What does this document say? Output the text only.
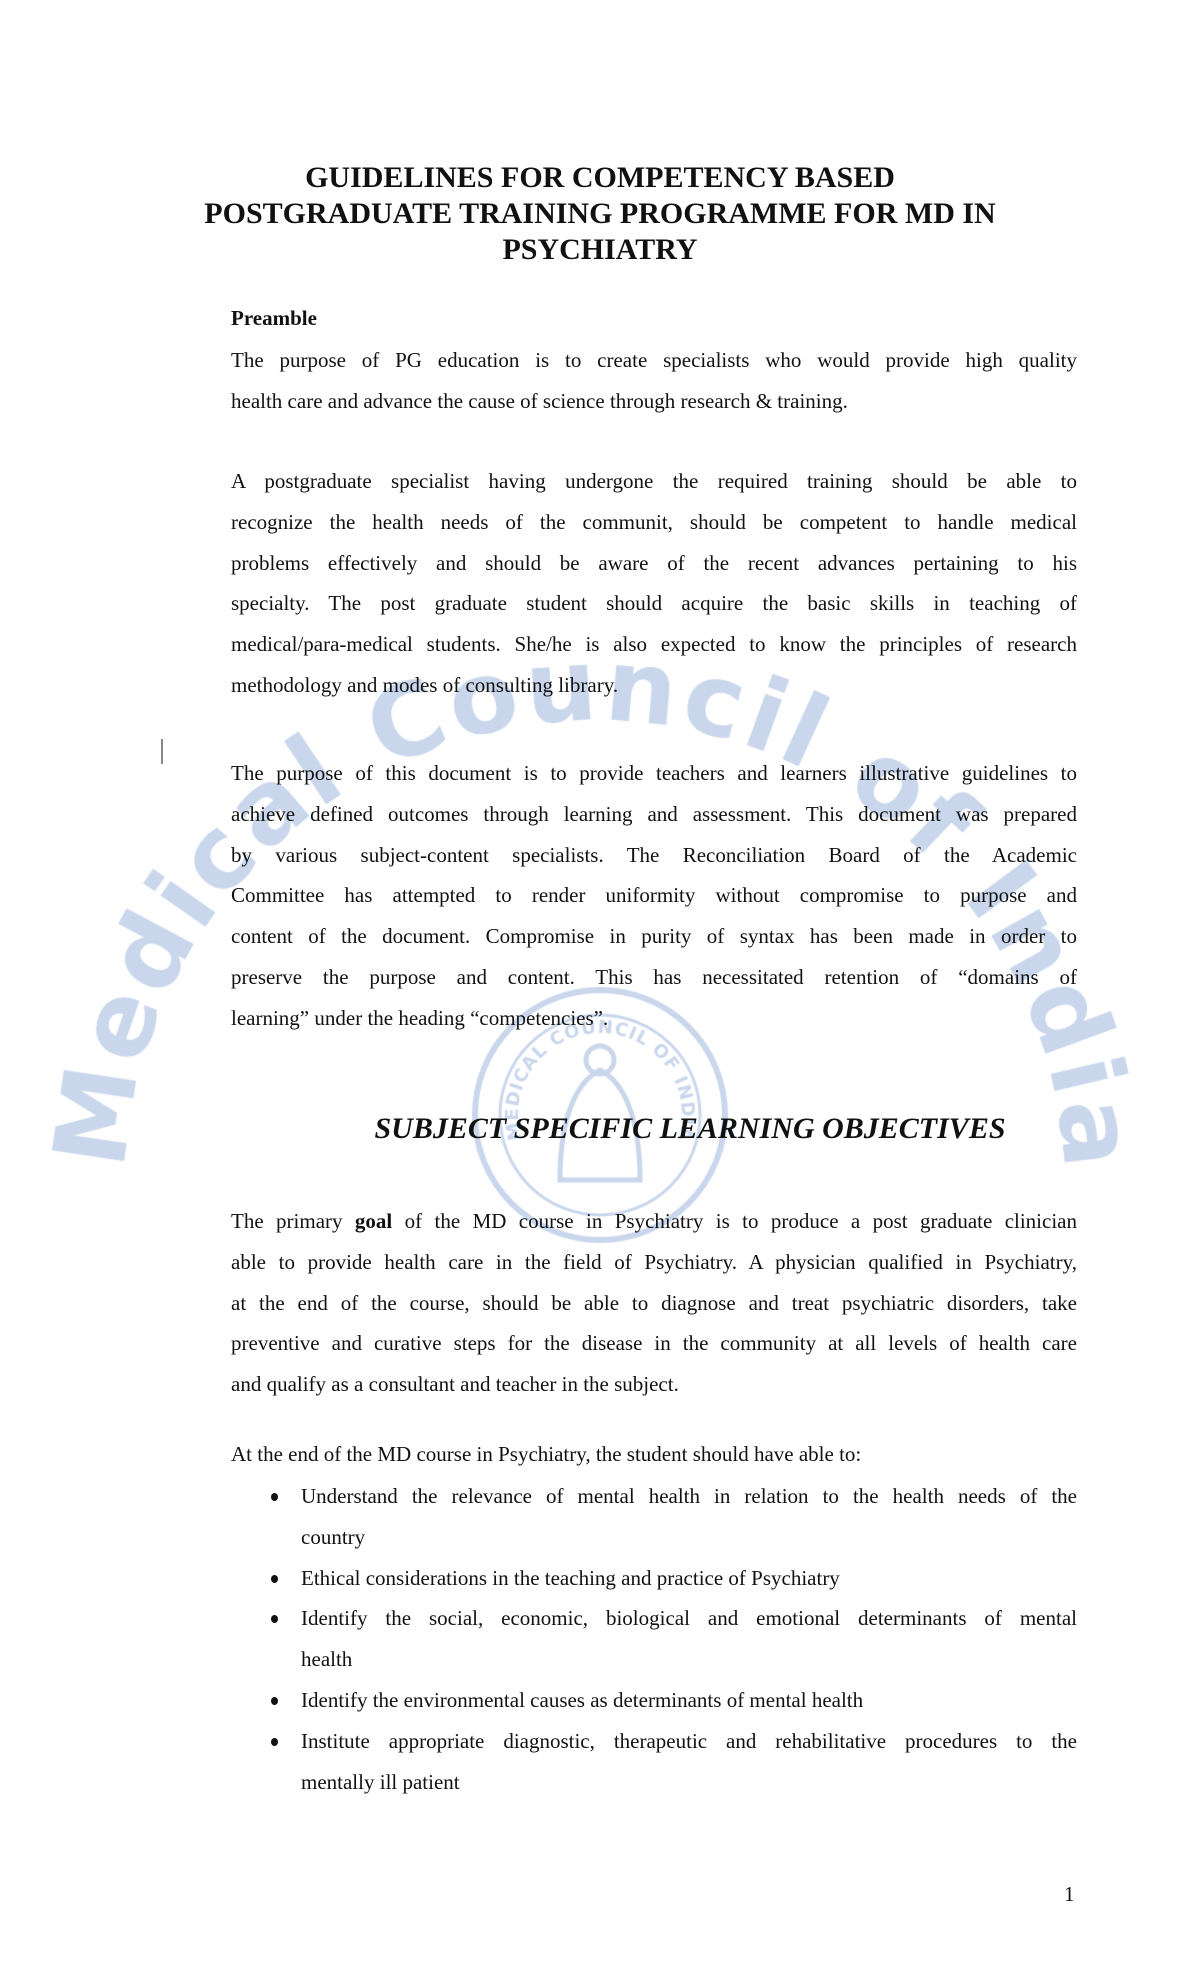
GUIDELINES FOR COMPETENCY BASED
POSTGRADUATE TRAINING PROGRAMME FOR MD IN
PSYCHIATRY
Preamble
The purpose of PG education is to create specialists who would provide high quality
health care and advance the cause of science through research & training.
A postgraduate specialist having undergone the required training should be able to
recognize the health needs of the communit, should be competent to handle medical
problems effectively and should be aware of the recent advances pertaining to his
specialty. The post graduate student should acquire the basic skills in teaching of
medical/para-medical students. She/he is also expected to know the principles of research
methodology and modes of consulting library.
The purpose of this document is to provide teachers and learners illustrative guidelines to
achieve defined outcomes through learning and assessment. This document was prepared
by various subject-content specialists. The Reconciliation Board of the Academic
Committee has attempted to render uniformity without compromise to purpose and
content of the document. Compromise in purity of syntax has been made in order to
preserve the purpose and content. This has necessitated retention of “domains of
learning” under the heading “competencies”.
SUBJECT SPECIFIC LEARNING OBJECTIVES
The primary goal of the MD course in Psychiatry is to produce a post graduate clinician
able to provide health care in the field of Psychiatry. A physician qualified in Psychiatry,
at the end of the course, should be able to diagnose and treat psychiatric disorders, take
preventive and curative steps for the disease in the community at all levels of health care
and qualify as a consultant and teacher in the subject.
At the end of the MD course in Psychiatry, the student should have able to:
Understand the relevance of mental health in relation to the health needs of the
country
Ethical considerations in the teaching and practice of Psychiatry
Identify the social, economic, biological and emotional determinants of mental
health
Identify the environmental causes as determinants of mental health
Institute appropriate diagnostic, therapeutic and rehabilitative procedures to the
mentally ill patient
1
